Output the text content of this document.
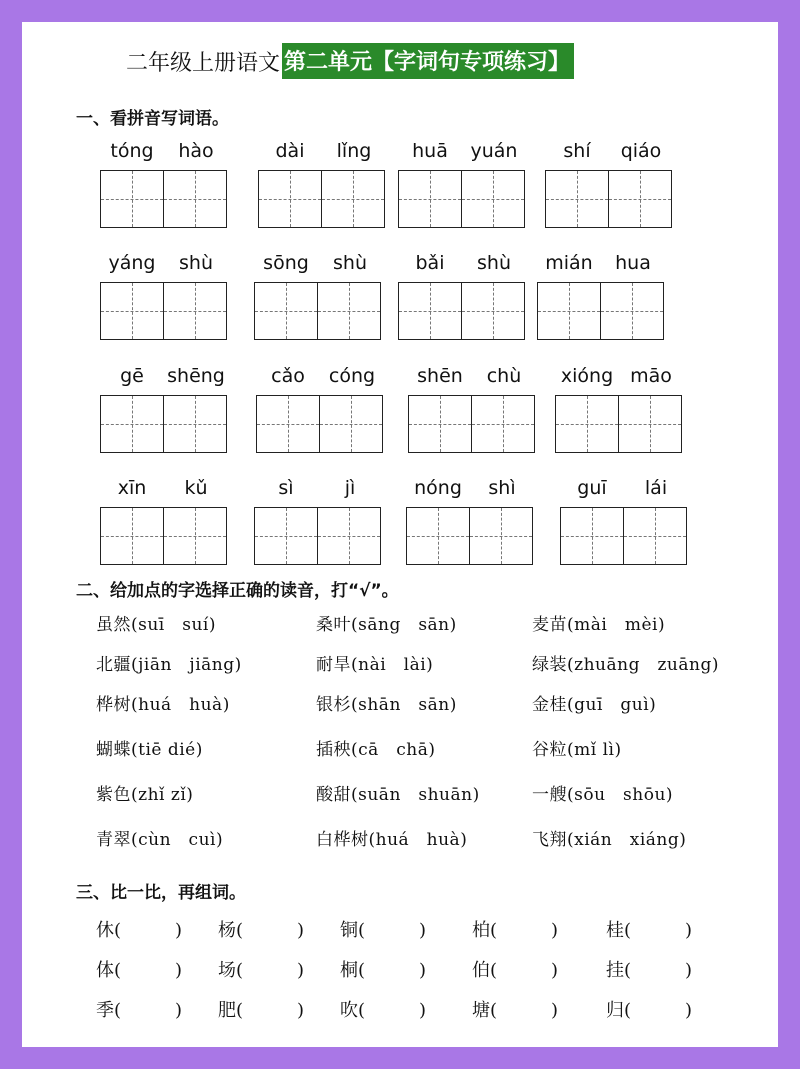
二年级上册语文 第二单元【字词句专项练习】
一、看拼音写词语。
tóng	hào	dài	lǐng	huā	yuán	shí	qiáo
yáng	shù	sōng	shù	bǎi	shù	mián	hua
gē	shēng	cǎo	cóng	shēn	chù	xióng māo
xīn	kǔ	sì	jì	nóng	shì	guī	lái
二、给加点的字选择正确的读音，打“√”。
虽然(suī　suí)	桑叶(sāng　sān)	麦苗(mài　mèi)
北疆(jiān　jiāng)	耐旱(nài　lài)	绿装(zhuāng　zuāng)
桦树(huá　huà)	银杉(shān　sān)	金桂(guī　guì)
蝴蝶(tiē dié)	插秧(cā　chā)	谷粒(mǐ lì)
紫色(zhǐ zǐ)	酸甜(suān　shuān)	一艘(sōu　shōu)
青翠(cùn　cuì)	白桦树(huá　huà)	飞翔(xián　xiáng)
三、比一比，再组词。
休(　　　) 杨(　　　) 铜(　　　)	柏(　　　)	桂(　　　)
体(　　　) 场(　　　) 桐(　　　)	伯(　　　)	挂(　　　)
季(　　　) 肥(　　　) 吹(　　　)	塘(　　　)	归(　　　)
